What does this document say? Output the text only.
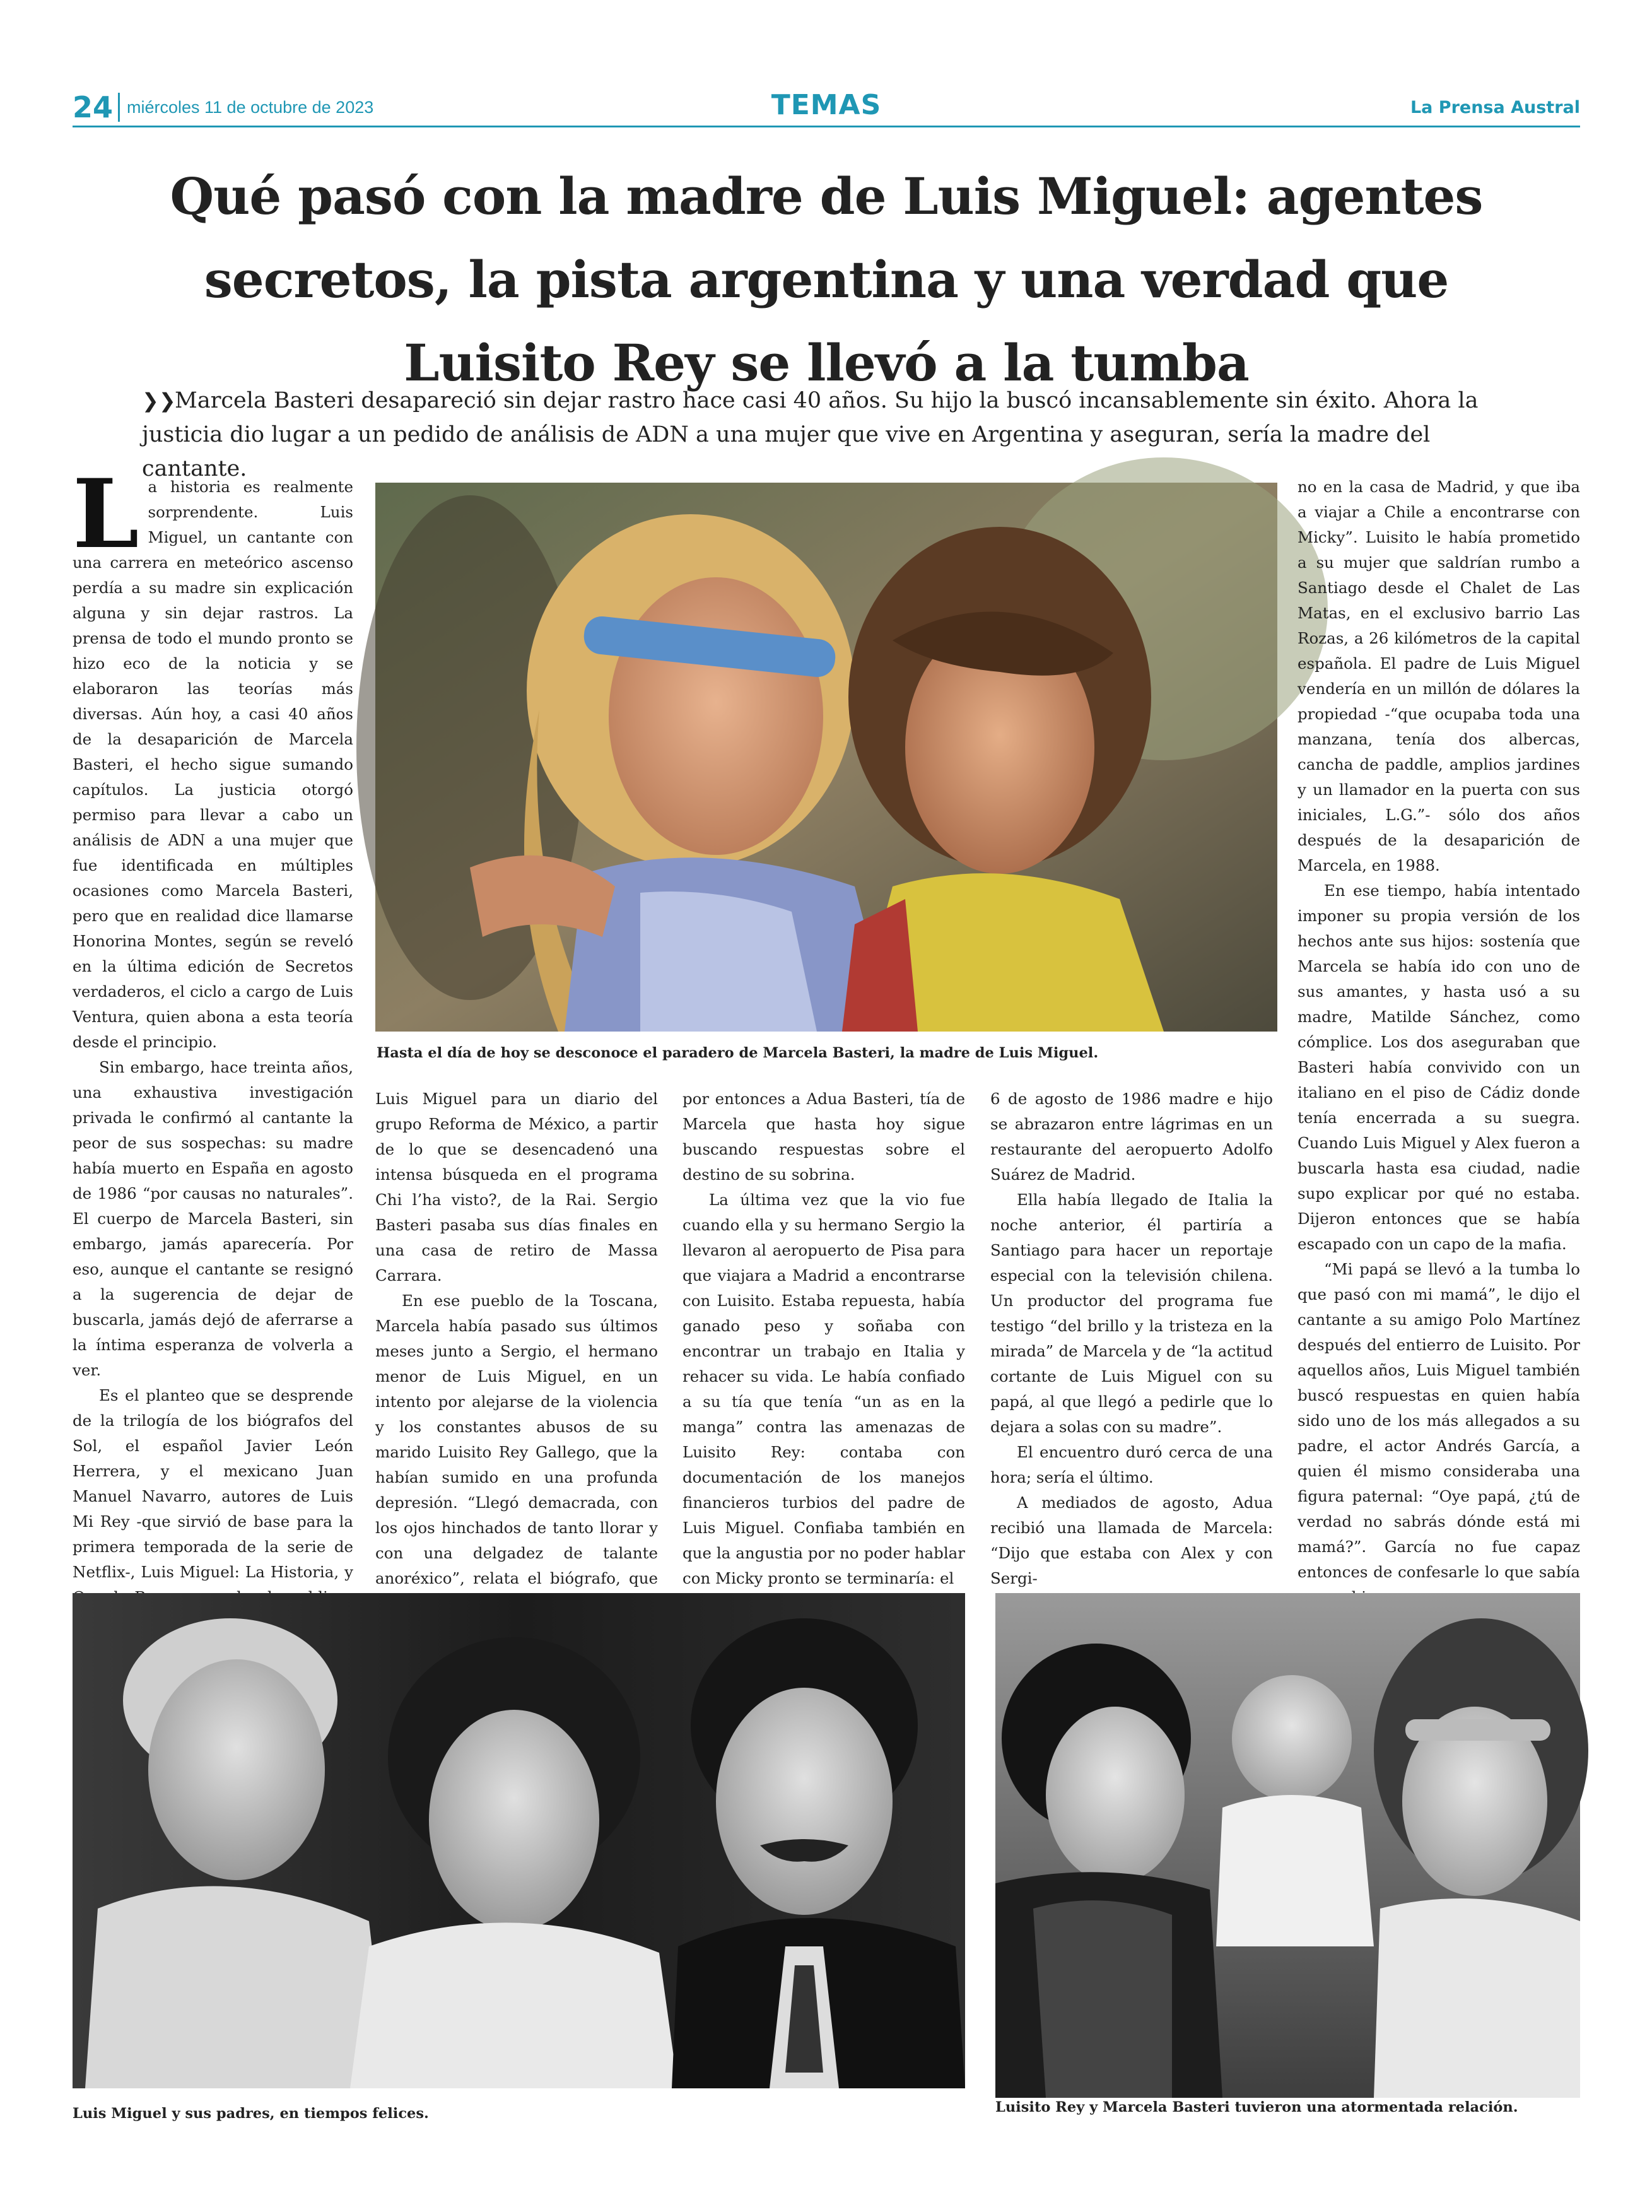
24 miércoles 11 de octubre de 2023	TEMAS	La Prensa Austral
Qué pasó con la madre de Luis Miguel: agentes secretos, la pista argentina y una verdad que Luisito Rey se llevó a la tumba
❯❯
Marcela Basteri desapareció sin dejar rastro hace casi 40 años. Su hijo la buscó incansablemente sin éxito. Ahora la justicia dio lugar a un pedido de análisis de ADN a una mujer que vive en Argentina y aseguran, sería la madre del cantante.

La historia es realmente sorprendente. Luis Miguel, un cantante con una carrera en meteórico ascenso perdía a su madre sin explicación alguna y sin dejar rastros. La prensa de todo el mundo pronto se hizo eco de la noticia y se elaboraron las teorías más diversas. Aún hoy, a casi 40 años de la desaparición de Marcela Basteri, el hecho sigue sumando capítulos. La justicia otorgó permiso para llevar a cabo un análisis de ADN a una mujer que fue identificada en múltiples ocasiones como Marcela Basteri, pero que en realidad dice llamarse Honorina Montes, según se reveló en la última edición de Secretos verdaderos, el ciclo a cargo de Luis Ventura, quien abona a esta teoría desde el principio.

Sin embargo, hace treinta años, una exhaustiva investigación privada le confirmó al cantante la peor de sus sospechas: su madre había muerto en España en agosto de 1986 “por causas no naturales”. El cuerpo de Marcela Basteri, sin embargo, jamás aparecería. Por eso, aunque el cantante se resignó a la sugerencia de dejar de buscarla, jamás dejó de aferrarse a la íntima esperanza de volverla a ver.

Es el planteo que se desprende de la trilogía de los biógrafos del Sol, el español Javier León Herrera, y el mexicano Juan Manuel Navarro, autores de Luis Mi Rey -que sirvió de base para la primera temporada de la serie de Netflix-, Luis Miguel: La Historia, y

Hasta el día de hoy se desconoce el paradero de Marcela Basteri, la madre de Luis Miguel.

no en la casa de Madrid, y que iba a viajar a Chile a encontrarse con Micky”. Luisito le había prometido a su mujer que saldrían rumbo a Santiago desde el Chalet de Las Matas, en el exclusivo barrio Las Rozas, a 26 kilómetros de la capital española. El padre de Luis Miguel vendería en un millón de dólares la propiedad -“que ocupaba toda una manzana, tenía dos albercas, cancha de paddle, amplios jardines y un llamador en la puerta con sus iniciales, L.G.”- sólo dos años después de la desaparición de Marcela, en 1988.

En ese tiempo, había intentado imponer su propia versión de los hechos ante sus hijos: sostenía que Marcela se había ido con uno de sus amantes, y hasta usó a su madre, Matilde Sánchez, como cómplice. Los dos aseguraban que Basteri había convivido con un italiano en el piso de Cádiz donde tenía encerrada a su suegra. Cuando Luis Miguel y Alex fueron a buscarla hasta esa ciudad, nadie supo explicar por qué no estaba. Dijeron entonces que se había escapado con un capo de la mafia.

“Mi papá se llevó a la tumba lo que pasó con mi mamá”, le dijo el cantante a su amigo Polo Martínez después del entierro de Luisito. Por aquellos años, Luis Miguel también buscó respuestas en quien había sido uno de los más allegados a su padre, el actor Andrés García, a quien él mismo consideraba una figura paternal: “Oye papá, ¿tú de verdad no sabrás dónde está mi mamá?”. García no fue capaz entonces de confesarle lo que sabía

Luis Miguel para un diario del grupo Reforma de México, a partir de lo que se desencadenó una intensa búsqueda en el programa Chi l’ha visto?, de la Rai. Sergio Basteri pasaba sus días finales en una casa de retiro de Massa Carrara.

En ese pueblo de la Toscana, Marcela había pasado sus últimos meses junto a Sergio, el hermano menor de Luis Miguel, en un intento por alejarse de la violencia y los constantes abusos de su marido Luisito Rey Gallego, que la habían sumido en una profunda depresión. “Llegó demacrada, con los ojos hinchados de tanto llorar y con una delgadez de talante anoréxico”, relata el biógrafo, que

por entonces a Adua Basteri, tía de Marcela que hasta hoy sigue buscando respuestas sobre el destino de su sobrina.

La última vez que la vio fue cuando ella y su hermano Sergio la llevaron al aeropuerto de Pisa para que viajara a Madrid a encontrarse con Luisito. Estaba repuesta, había ganado peso y soñaba con encontrar un trabajo en Italia y rehacer su vida. Le había confiado a su tía que tenía “un as en la manga” contra las amenazas de Luisito Rey: contaba con documentación de los manejos financieros turbios del padre de Luis Miguel. Confiaba también en que la angustia por no poder hablar con Micky pronto se terminaría: el

6 de agosto de 1986 madre e hijo se abrazaron entre lágrimas en un restaurante del aeropuerto Adolfo Suárez de Madrid.

Ella había llegado de Italia la noche anterior, él partiría a Santiago para hacer un reportaje especial con la televisión chilena. Un productor del programa fue testigo “del brillo y la tristeza en la mirada” de Marcela y de “la actitud cortante de Luis Miguel con su papá, al que llegó a pedirle que lo dejara a solas con su madre”.

El encuentro duró cerca de una hora; sería el último.

A mediados de agosto, Adua recibió una llamada de Marcela: “Dijo que estaba con Alex y con Sergi-

Luis Miguel y sus padres, en tiempos felices.	Luisito Rey y Marcela Basteri tuvieron una atormentada relación.
